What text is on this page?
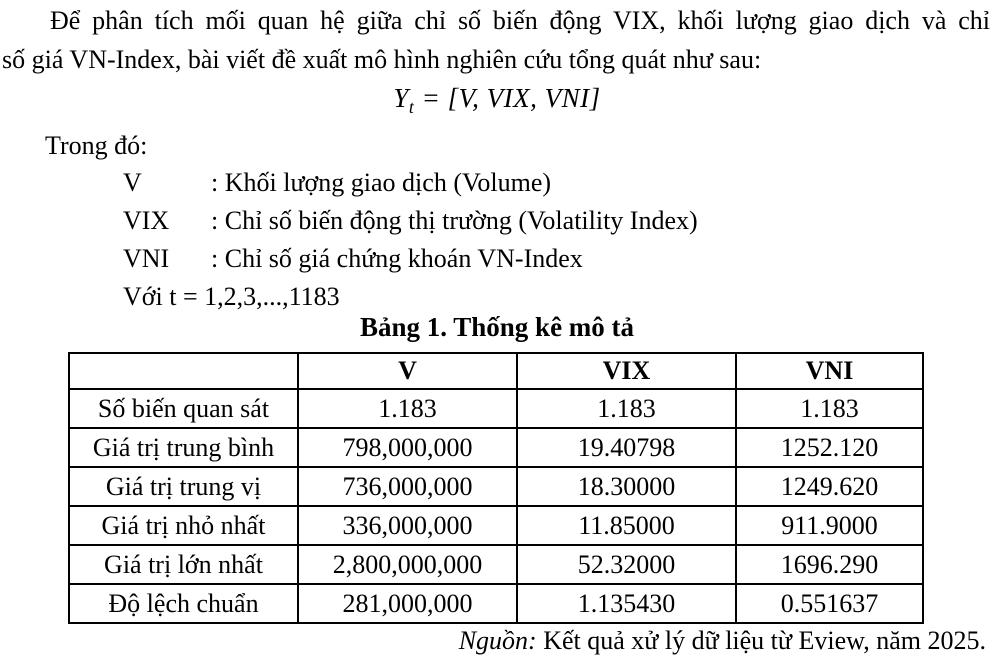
Để phân tích mối quan hệ giữa chỉ số biến động VIX, khối lượng giao dịch và chỉ
số giá VN-Index, bài viết đề xuất mô hình nghiên cứu tổng quát như sau:
$Y_t = [V$, VIX, VNI]
Trong đó:
V	: Khối lượng giao dịch (Volume)
VIX : Chỉ số biến động thị trường (Volatility Index)
VNI : Chỉ số giá chứng khoán VN-Index
Với t = 1,2,3,...,1183
Bảng 1. Thống kê mô tả
	V	VIX	VNI
Số biến quan sát	1.183	1.183	1.183
Giá trị trung bình	798,000,000	19.40798	1252.120
Giá trị trung vị	736,000,000	18.30000	1249.620
Giá trị nhỏ nhất	336,000,000	11.85000	911.9000
Giá trị lớn nhất	2,800,000,000	52.32000	1696.290
Độ lệch chuẩn	281,000,000	1.135430	0.551637
Nguồn: Kết quả xử lý dữ liệu từ Eview, năm 2025.
